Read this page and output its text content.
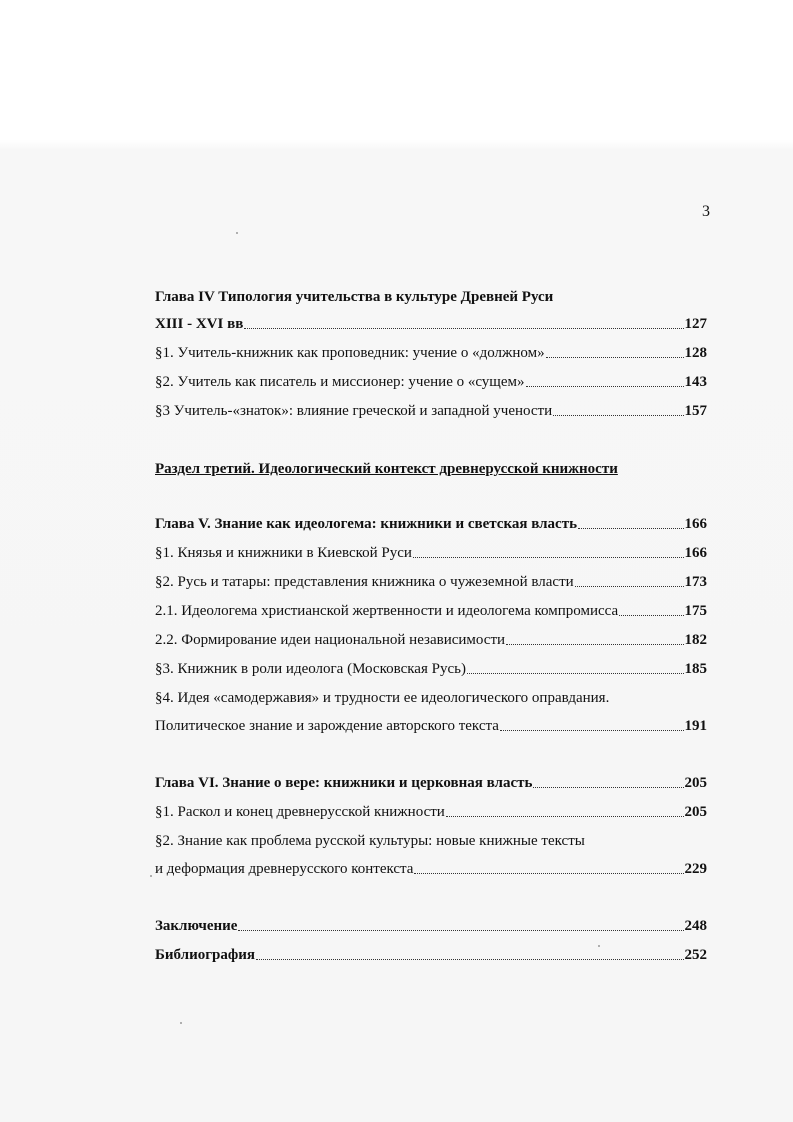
3
Глава IV Типология учительства в культуре Древней Руси
XIII - XVI вв	127
§1. Учитель-книжник как проповедник: учение о «должном»	128
§2. Учитель как писатель и миссионер: учение о «сущем»	143
§3 Учитель-«знаток»: влияние греческой и западной учености	157
Раздел третий. Идеологический контекст древнерусской книжности
Глава V. Знание как идеологема: книжники и светская власть	166
§1. Князья и книжники в Киевской Руси	166
§2. Русь и татары: представления книжника о чужеземной власти	173
2.1. Идеологема христианской жертвенности и идеологема компромисса	175
2.2. Формирование идеи национальной независимости	182
§3. Книжник в роли идеолога (Московская Русь)	185
§4. Идея «самодержавия» и трудности ее идеологического оправдания.
Политическое знание и зарождение авторского текста	191
Глава VI. Знание о вере: книжники и церковная власть	205
§1. Раскол и конец древнерусской книжности	205
§2. Знание как проблема русской культуры: новые книжные тексты
и деформация древнерусского контекста	229
Заключение	248
Библиография	252
